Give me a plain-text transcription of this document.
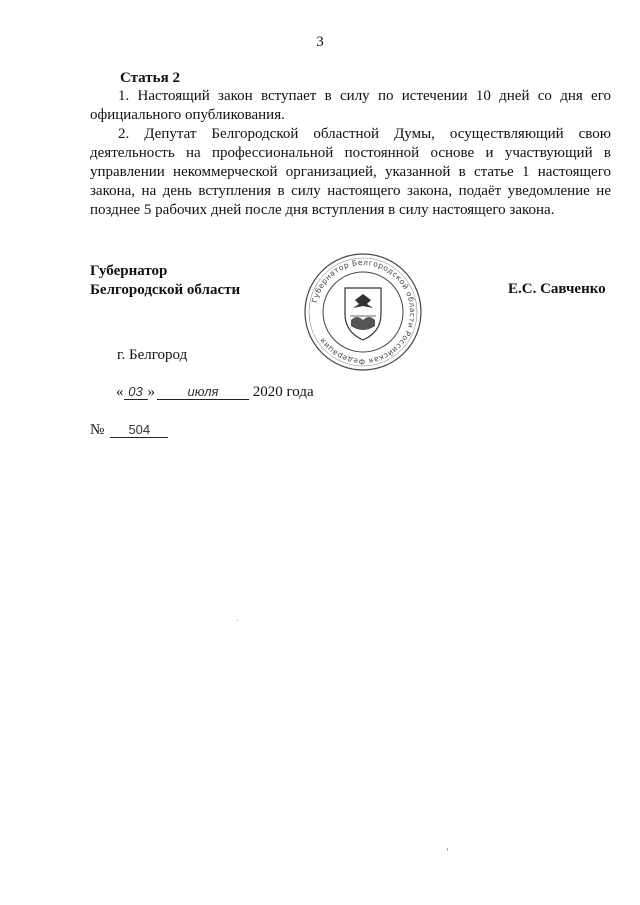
3
Статья 2

1. Настоящий закон вступает в силу по истечении 10 дней со дня его официального опубликования.

2. Депутат Белгородской областной Думы, осуществляющий свою деятельность на профессиональной постоянной основе и участвующий в управлении некоммерческой организацией, указанной в статье 1 настоящего закона, на день вступления в силу настоящего закона, подаёт уведомление не позднее 5 рабочих дней после дня вступления в силу настоящего закона.

Губернатор
Белгородской области
Губернатор Белгородской области Российская Федерация
Е.С. Савченко
г. Белгород
« 03 »	июля 2020 года
№ 504
